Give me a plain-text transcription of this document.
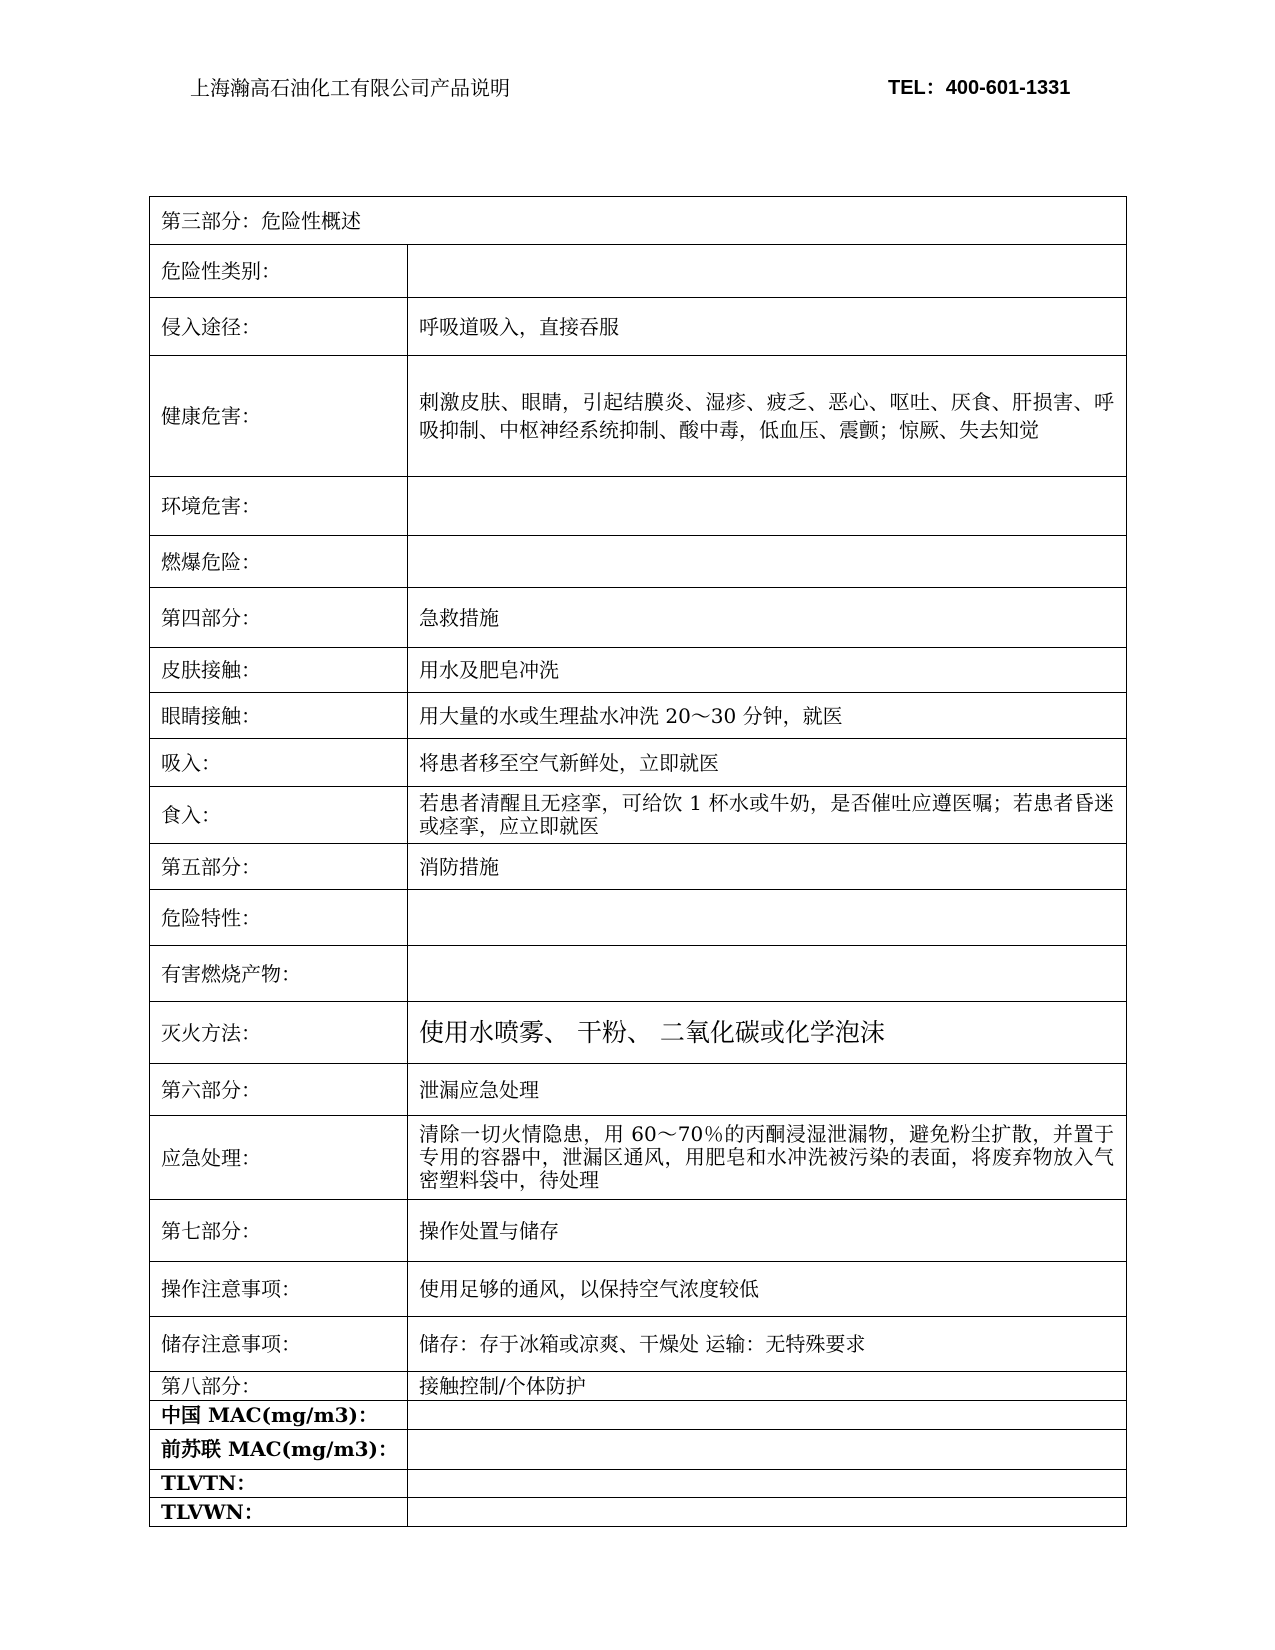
上海瀚高石油化工有限公司产品说明	TEL：400-601-1331
第三部分：危险性概述	
危险性类别：	
侵入途径：	呼吸道吸入，直接吞服
健康危害：	刺激皮肤、眼睛，引起结膜炎、湿疹、疲乏、恶心、呕吐、厌食、肝损害、呼吸抑制、中枢神经系统抑制、酸中毒，低血压、震颤；惊厥、失去知觉
环境危害：	
燃爆危险：	
第四部分：	急救措施
皮肤接触：	用水及肥皂冲洗
眼睛接触：	用大量的水或生理盐水冲洗 20～30 分钟，就医
吸入：	将患者移至空气新鲜处，立即就医
食入：	若患者清醒且无痉挛，可给饮 1 杯水或牛奶，是否催吐应遵医嘱；若患者昏迷或痉挛，应立即就医
第五部分：	消防措施
危险特性：	
有害燃烧产物：	
灭火方法：	使用水喷雾、 干粉、 二氧化碳或化学泡沫
第六部分：	泄漏应急处理
应急处理：	清除一切火情隐患，用 60～70％的丙酮浸湿泄漏物，避免粉尘扩散，并置于专用的容器中，泄漏区通风，用肥皂和水冲洗被污染的表面，将废弃物放入气密塑料袋中，待处理
第七部分：	操作处置与储存
操作注意事项：	使用足够的通风，以保持空气浓度较低
储存注意事项：	储存：存于冰箱或凉爽、干燥处 运输：无特殊要求
第八部分：	接触控制/个体防护
中国 MAC(mg/m3)：	
前苏联 MAC(mg/m3)：	
TLVTN：	
TLVWN：	
